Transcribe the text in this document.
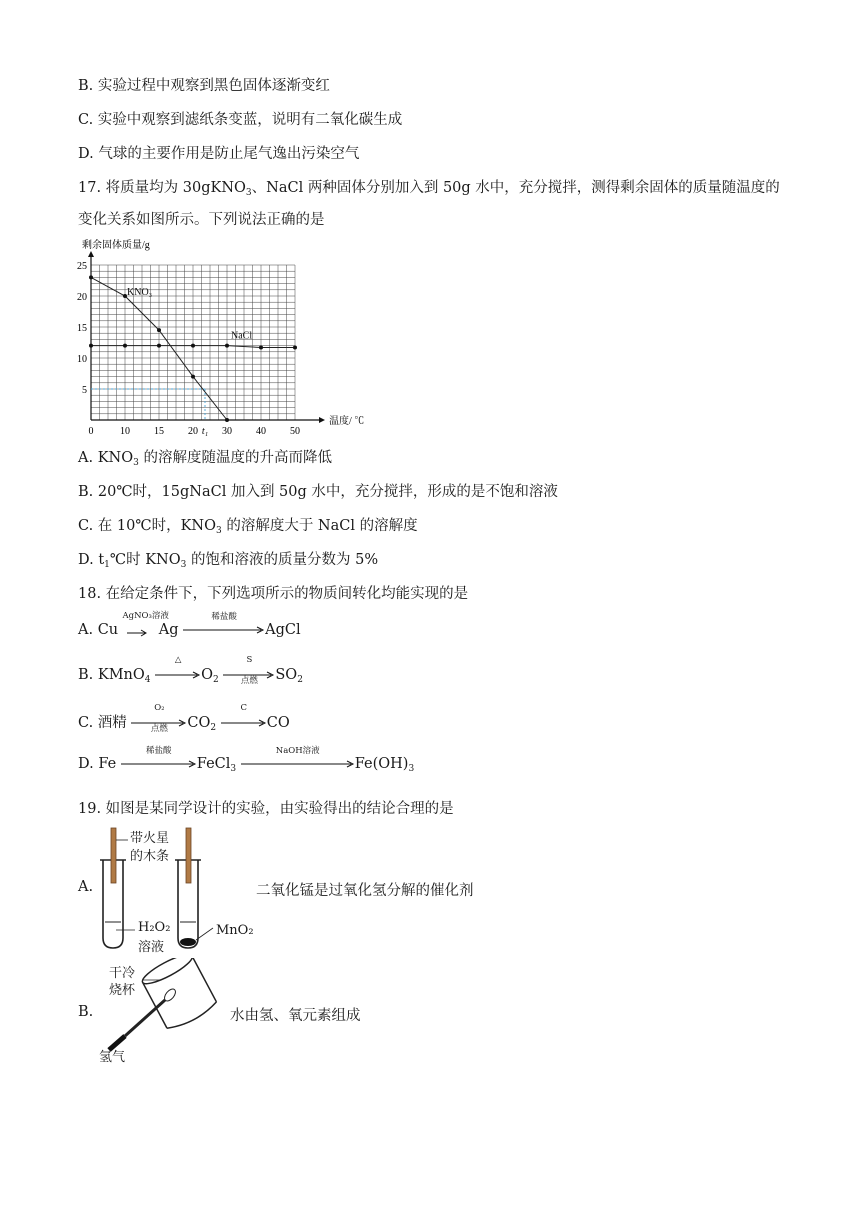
B. 实验过程中观察到黑色固体逐渐变红
C. 实验中观察到滤纸条变蓝，说明有二氧化碳生成
D. 气球的主要作用是防止尾气逸出污染空气
17. 将质量均为 30gKNO$_3$、NaCl 两种固体分别加入到 50g 水中，充分搅拌，测得剩余固体的质量随温度的
变化关系如图所示。下列说法正确的是
剩余固体质量/g
温度/ ℃
0	10 15 20 t₁ 30 40 50
5
10
15
20
25
KNO₃
NaCl
A. $KNO_3$ 的溶解度随温度的升高而降低
B. 20℃时，15gNaCl 加入到 50g 水中，充分搅拌，形成的是不饱和溶液
C. 在 10℃时，$KNO_3$ 的溶解度大于 NaCl 的溶解度
D. $t_1℃$时 $KNO_3$ 的饱和溶液的质量分数为 5%
18. 在给定条件下，下列选项所示的物质间转化均能实现的是
A. Cu
AgNO₃溶液
Ag
稀盐酸
AgCl
B. KMnO$_4$
△
$O_2$
S
点燃	$SO_2$
C. 酒精
O₂
点燃	$CO_2$
C
CO
D. Fe
稀盐酸
FeCl$_3$
NaOH溶液
$Fe(OH)_3$
19. 如图是某同学设计的实验，由实验得出的结论合理的是
A.
带火星
的木条
H₂O₂
溶液
MnO₂
二氧化锰是过氧化氢分解的催化剂
B.
干冷
烧杯
氢气
水由氢、氧元素组成
